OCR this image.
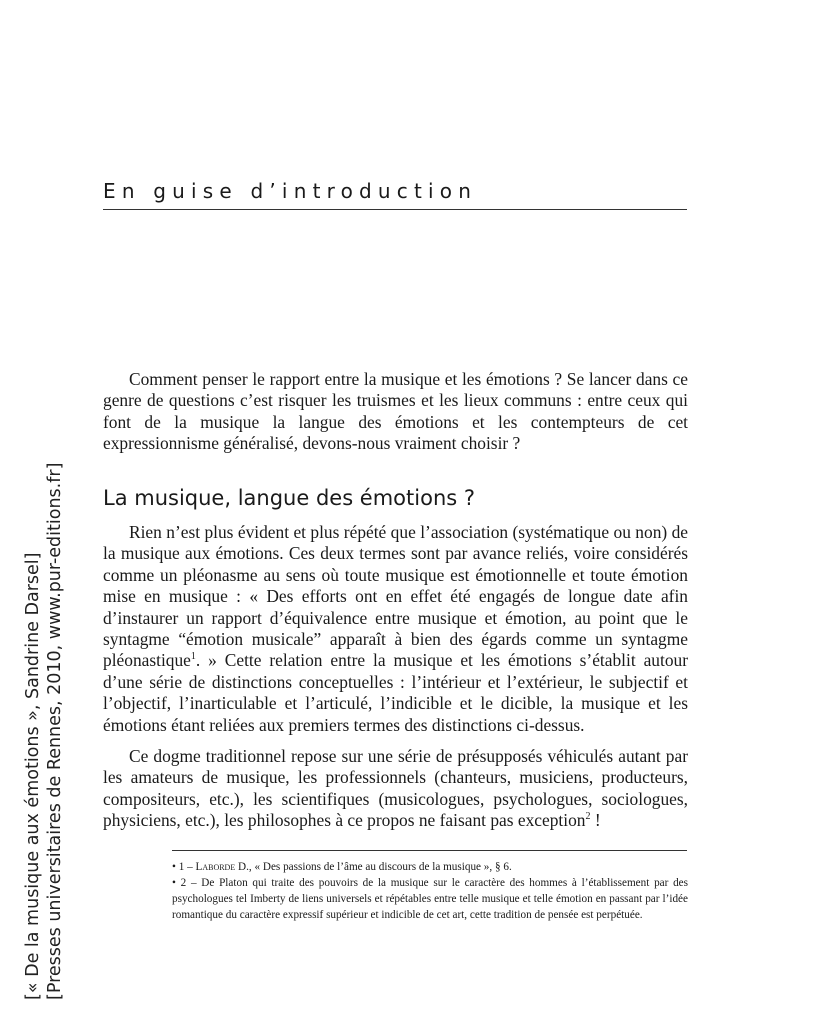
En guise d’introduction

Comment penser le rapport entre la musique et les émotions ? Se lancer dans ce genre de questions c’est risquer les truismes et les lieux communs : entre ceux qui font de la musique la langue des émotions et les contempteurs de cet expressionnisme généralisé, devons-nous vraiment choisir ?

La musique, langue des émotions ?

Rien n’est plus évident et plus répété que l’association (systématique ou non) de la musique aux émotions. Ces deux termes sont par avance reliés, voire considérés comme un pléonasme au sens où toute musique est émotionnelle et toute émotion mise en musique : « Des efforts ont en effet été engagés de longue date afin d’instaurer un rapport d’équivalence entre musique et émotion, au point que le syntagme “émotion musicale” apparaît à bien des égards comme un syntagme pléonastique$^1$. » Cette relation entre la musique et les émotions s’établit autour d’une série de distinctions conceptuelles : l’intérieur et l’extérieur, le subjectif et l’objectif, l’inarticulable et l’articulé, l’indicible et le dicible, la musique et les émotions étant reliées aux premiers termes des distinctions ci-dessus.

Ce dogme traditionnel repose sur une série de présupposés véhiculés autant par les amateurs de musique, les professionnels (chanteurs, musiciens, producteurs, compositeurs, etc.), les scientifiques (musicologues, psychologues, sociologues, physiciens, etc.), les philosophes à ce propos ne faisant pas exception$^2$ !

• 1 – Laborde D., « Des passions de l’âme au discours de la musique », § 6.
• 2 – De Platon qui traite des pouvoirs de la musique sur le caractère des hommes à l’établissement par des psychologues tel Imberty de liens universels et répétables entre telle musique et telle émotion en passant par l’idée romantique du caractère expressif supérieur et indicible de cet art, cette tradition de pensée est perpétuée.
[« De la musique aux émotions », Sandrine Darsel] [Presses universitaires de Rennes, 2010, www.pur-editions.fr]
